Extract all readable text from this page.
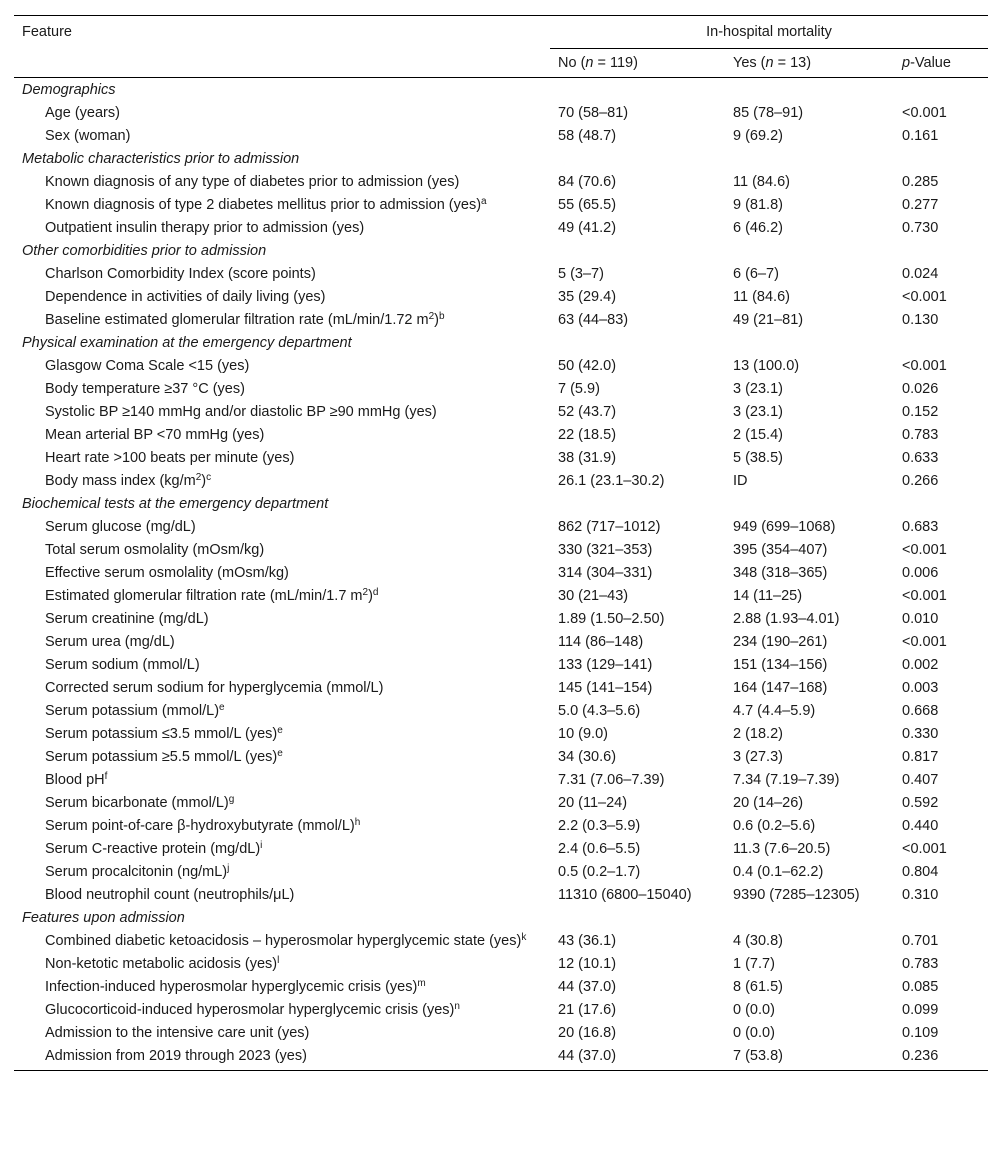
Feature	In-hospital mortality		
	No (n = 119)	Yes (n = 13)	p-Value
Demographics			
Age (years)	70 (58–81)	85 (78–91)	<0.001
Sex (woman)	58 (48.7)	9 (69.2)	0.161
Metabolic characteristics prior to admission			
Known diagnosis of any type of diabetes prior to admission (yes)	84 (70.6)	11 (84.6)	0.285
Known diagnosis of type 2 diabetes mellitus prior to admission (yes)$^a$	55 (65.5)	9 (81.8)	0.277
Outpatient insulin therapy prior to admission (yes)	49 (41.2)	6 (46.2)	0.730
Other comorbidities prior to admission			
Charlson Comorbidity Index (score points)	5 (3–7)	6 (6–7)	0.024
Dependence in activities of daily living (yes)	35 (29.4)	11 (84.6)	<0.001
Baseline estimated glomerular filtration rate (mL/min/1.72 $m^2)^b$	63 (44–83)	49 (21–81)	0.130
Physical examination at the emergency department			
Glasgow Coma Scale <15 (yes)	50 (42.0)	13 (100.0)	<0.001
Body temperature ≥37 °C (yes)	7 (5.9)	3 (23.1)	0.026
Systolic BP ≥140 mmHg and/or diastolic BP ≥90 mmHg (yes)	52 (43.7)	3 (23.1)	0.152
Mean arterial BP <70 mmHg (yes)	22 (18.5)	2 (15.4)	0.783
Heart rate >100 beats per minute (yes)	38 (31.9)	5 (38.5)	0.633
Body mass index $(kg/m^2)^c$	26.1 (23.1–30.2)	ID	0.266
Biochemical tests at the emergency department			
Serum glucose (mg/dL)	862 (717–1012)	949 (699–1068)	0.683
Total serum osmolality (mOsm/kg)	330 (321–353)	395 (354–407)	<0.001
Effective serum osmolality (mOsm/kg)	314 (304–331)	348 (318–365)	0.006
Estimated glomerular filtration rate (mL/min/1.7 $m^2)^d$	30 (21–43)	14 (11–25)	<0.001
Serum creatinine (mg/dL)	1.89 (1.50–2.50)	2.88 (1.93–4.01)	0.010
Serum urea (mg/dL)	114 (86–148)	234 (190–261)	<0.001
Serum sodium (mmol/L)	133 (129–141)	151 (134–156)	0.002
Corrected serum sodium for hyperglycemia (mmol/L)	145 (141–154)	164 (147–168)	0.003
Serum potassium (mmol/L)$^e$	5.0 (4.3–5.6)	4.7 (4.4–5.9)	0.668
Serum potassium ≤3.5 mmol/L (yes)$^e$	10 (9.0)	2 (18.2)	0.330
Serum potassium ≥5.5 mmol/L (yes)$^e$	34 (30.6)	3 (27.3)	0.817
Blood $pH^f$	7.31 (7.06–7.39)	7.34 (7.19–7.39)	0.407
Serum bicarbonate (mmol/L)$^g$	20 (11–24)	20 (14–26)	0.592
Serum point-of-care β-hydroxybutyrate (mmol/L)$^h$	2.2 (0.3–5.9)	0.6 (0.2–5.6)	0.440
Serum C-reactive protein $(mg/dL)^i$	2.4 (0.6–5.5)	11.3 (7.6–20.5)	<0.001
Serum procalcitonin $(ng/mL)^j$	0.5 (0.2–1.7)	0.4 (0.1–62.2)	0.804
Blood neutrophil count (neutrophils/μL)	11310 (6800–15040)	9390 (7285–12305)	0.310
Features upon admission			
Combined diabetic ketoacidosis – hyperosmolar hyperglycemic state (yes)$^k$	43 (36.1)	4 (30.8)	0.701
Non-ketotic metabolic acidosis (yes)$^l$	12 (10.1)	1 (7.7)	0.783
Infection-induced hyperosmolar hyperglycemic crisis (yes)$^m$	44 (37.0)	8 (61.5)	0.085
Glucocorticoid-induced hyperosmolar hyperglycemic crisis (yes)$^n$	21 (17.6)	0 (0.0)	0.099
Admission to the intensive care unit (yes)	20 (16.8)	0 (0.0)	0.109
Admission from 2019 through 2023 (yes)	44 (37.0)	7 (53.8)	0.236
